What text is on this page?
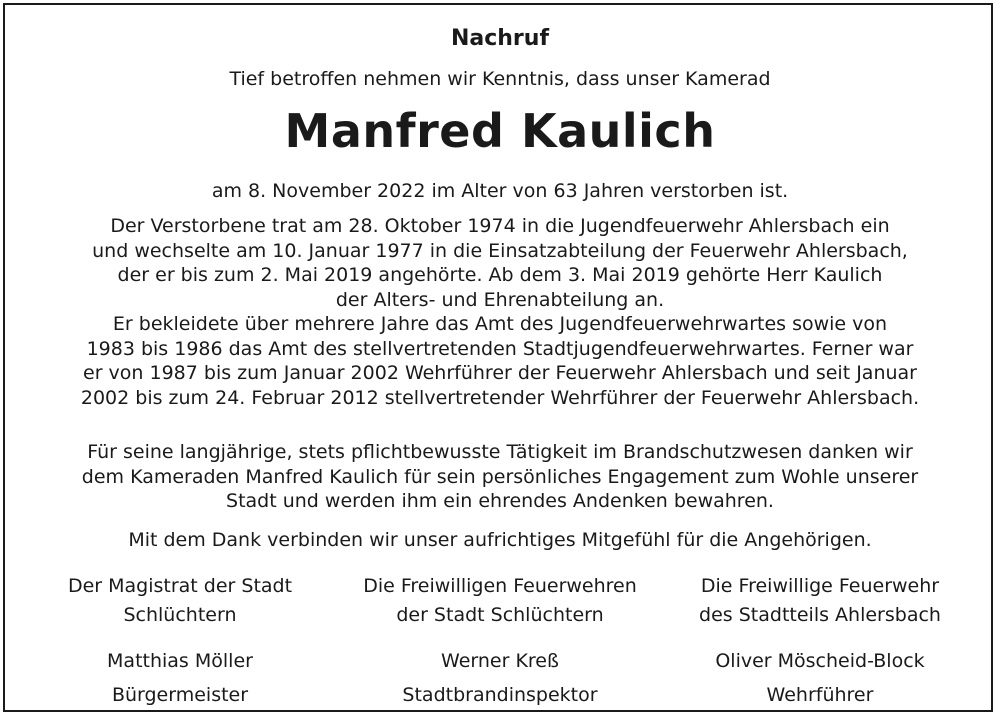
Nachruf
Tief betroffen nehmen wir Kenntnis, dass unser Kamerad
Manfred Kaulich
am 8. November 2022 im Alter von 63 Jahren verstorben ist.
Der Verstorbene trat am 28. Oktober 1974 in die Jugendfeuerwehr Ahlersbach ein
und wechselte am 10. Januar 1977 in die Einsatzabteilung der Feuerwehr Ahlersbach,
der er bis zum 2. Mai 2019 angehörte. Ab dem 3. Mai 2019 gehörte Herr Kaulich
der Alters- und Ehrenabteilung an.
Er bekleidete über mehrere Jahre das Amt des Jugendfeuerwehrwartes sowie von
1983 bis 1986 das Amt des stellvertretenden Stadtjugendfeuerwehrwartes. Ferner war
er von 1987 bis zum Januar 2002 Wehrführer der Feuerwehr Ahlersbach und seit Januar
2002 bis zum 24. Februar 2012 stellvertretender Wehrführer der Feuerwehr Ahlersbach.
Für seine langjährige, stets pflichtbewusste Tätigkeit im Brandschutzwesen danken wir
dem Kameraden Manfred Kaulich für sein persönliches Engagement zum Wohle unserer
Stadt und werden ihm ein ehrendes Andenken bewahren.
Mit dem Dank verbinden wir unser aufrichtiges Mitgefühl für die Angehörigen.
Der Magistrat der Stadt
Schlüchtern
Matthias Möller
Bürgermeister
Die Freiwilligen Feuerwehren
der Stadt Schlüchtern
Werner Kreß
Stadtbrandinspektor
Die Freiwillige Feuerwehr
des Stadtteils Ahlersbach
Oliver Möscheid-Block
Wehrführer
